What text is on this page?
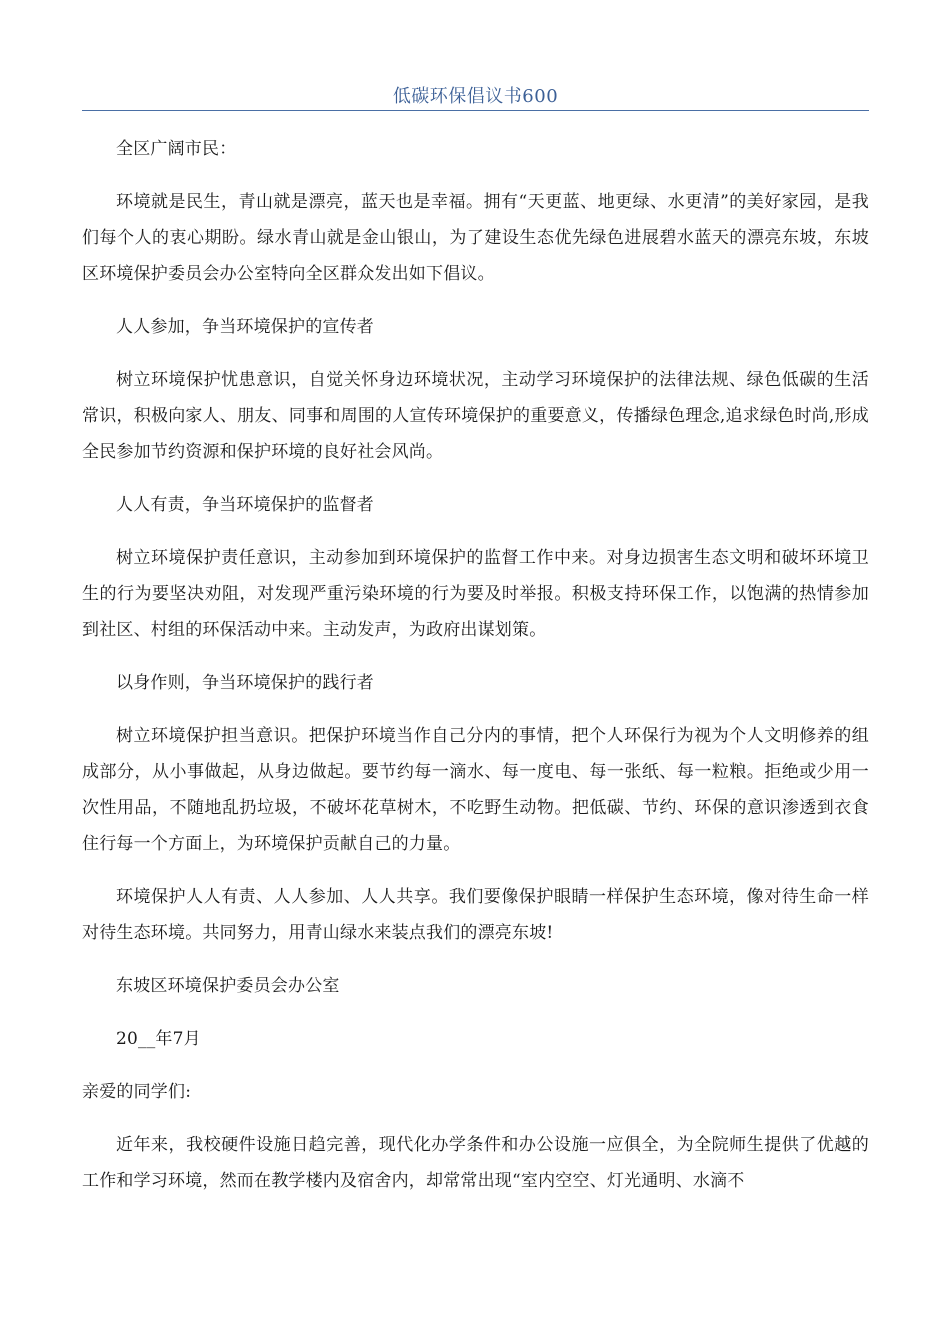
低碳环保倡议书600

全区广阔市民：

环境就是民生，青山就是漂亮，蓝天也是幸福。拥有“天更蓝、地更绿、水更清”的美好家园，是我们每个人的衷心期盼。绿水青山就是金山银山，为了建设生态优先绿色进展碧水蓝天的漂亮东坡，东坡区环境保护委员会办公室特向全区群众发出如下倡议。

人人参加，争当环境保护的宣传者

树立环境保护忧患意识，自觉关怀身边环境状况，主动学习环境保护的法律法规、绿色低碳的生活常识，积极向家人、朋友、同事和周围的人宣传环境保护的重要意义，传播绿色理念,追求绿色时尚,形成全民参加节约资源和保护环境的良好社会风尚。

人人有责，争当环境保护的监督者

树立环境保护责任意识，主动参加到环境保护的监督工作中来。对身边损害生态文明和破坏环境卫生的行为要坚决劝阻，对发现严重污染环境的行为要及时举报。积极支持环保工作，以饱满的热情参加到社区、村组的环保活动中来。主动发声，为政府出谋划策。

以身作则，争当环境保护的践行者

树立环境保护担当意识。把保护环境当作自己分内的事情，把个人环保行为视为个人文明修养的组成部分，从小事做起，从身边做起。要节约每一滴水、每一度电、每一张纸、每一粒粮。拒绝或少用一次性用品，不随地乱扔垃圾，不破坏花草树木，不吃野生动物。把低碳、节约、环保的意识渗透到衣食住行每一个方面上，为环境保护贡献自己的力量。

环境保护人人有责、人人参加、人人共享。我们要像保护眼睛一样保护生态环境，像对待生命一样对待生态环境。共同努力，用青山绿水来装点我们的漂亮东坡!

东坡区环境保护委员会办公室

20__年7月

亲爱的同学们:

近年来，我校硬件设施日趋完善，现代化办学条件和办公设施一应俱全，为全院师生提供了优越的工作和学习环境，然而在教学楼内及宿舍内，却常常出现“室内空空、灯光通明、水滴不
